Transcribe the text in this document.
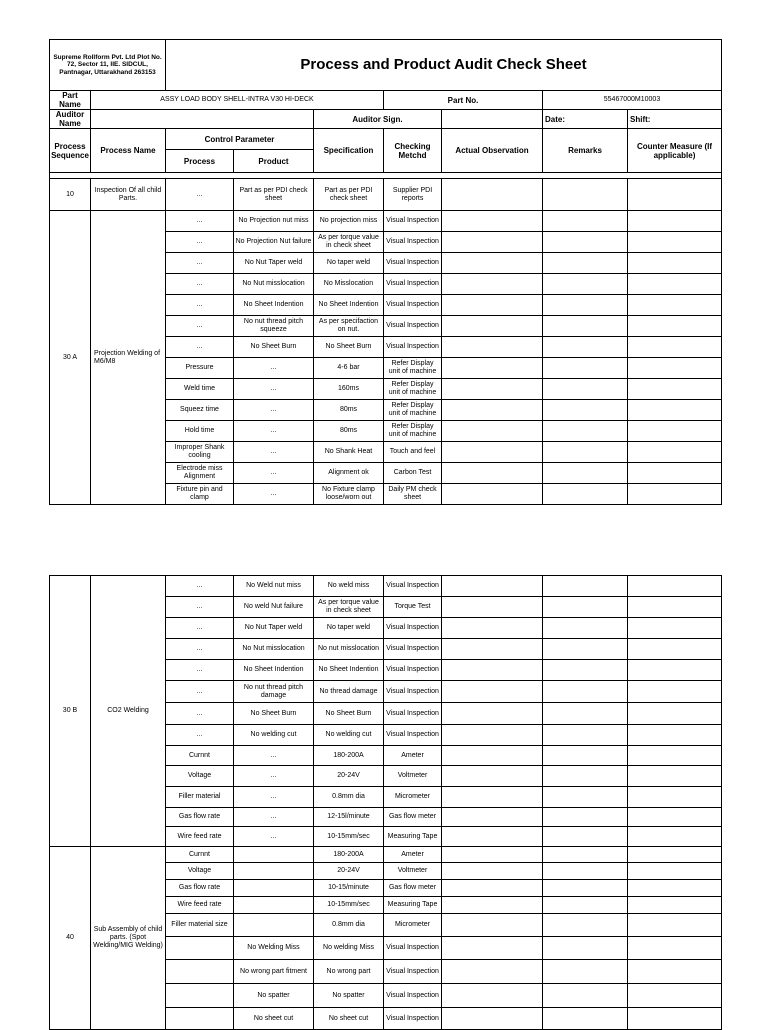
Supreme Rollform Pvt. Ltd Plot No. 72, Sector 11, IIE. SIDCUL, Pantnagar, Uttarakhand 263153		Process and Product Audit Check Sheet						
Part Name	ASSY LOAD BODY SHELL-INTRA V30 HI-DECK				Part No.		55467000M10003	
Auditor Name				Auditor Sign.			Date:	Shift:
Process Sequence	Process Name	Control Parameter		Specification	Checking Metchd	Actual Observation	Remarks	Counter Measure (If applicable)
		Process	Product					

10	Inspection Of all child Parts.	...	Part as per PDI check sheet	Part as per PDI check sheet	Supplier PDI reports			
30 A	Projection Welding of M6/M8	...	No Projection nut miss	No projection miss	Visual Inspection			
		...	No Projection Nut failure	As per torque value in check sheet	Visual Inspection			
		...	No Nut Taper weld	No taper weld	Visual Inspection			
		...	No Nut misslocation	No Misslocation	Visual Inspection			
		...	No Sheet Indention	No Sheet Indention	Visual Inspection			
		...	No nut thread pitch squeeze	As per specifaction on nut.	Visual Inspection			
		...	No Sheet Burn	No Sheet Burn	Visual Inspection			
		Pressure	...	4-6 bar	Refer Display unit of machine			
		Weld time	...	160ms	Refer Display unit of machine			
		Squeez time	...	80ms	Refer Display unit of machine			
		Hold time	...	80ms	Refer Display unit of machine			
		Improper Shank cooling	...	No Shank Heat	Touch and feel			
		Electrode miss Alignment	...	Alignment ok	Carbon Test			
		Fixture pin and clamp	...	No Fixture clamp loose/worn out	Daily PM check sheet			
30 B	CO2 Welding	...	No Weld nut miss	No weld miss	Visual Inspection			
		...	No weld Nut failure	As per torque value in check sheet	Torque Test			
		...	No Nut Taper weld	No taper weld	Visual Inspection			
		...	No Nut misslocation	No nut misslocation	Visual Inspection			
		...	No Sheet Indention	No Sheet Indention	Visual Inspection			
		...	No nut thread pitch damage	No thread damage	Visual Inspection			
		...	No Sheet Burn	No Sheet Burn	Visual Inspection			
		...	No welding cut	No welding cut	Visual Inspection			
		Curnnt	...	180-200A	Ameter			
		Voltage	...	20-24V	Voltmeter			
		Filler material	...	0.8mm dia	Micrometer			
		Gas flow rate	...	12-15l/minute	Gas flow meter			
		Wire feed rate	...	10-15mm/sec	Measuring Tape			
40	Sub Assembly of child parts. (Spot Welding/MIG Welding)	Curnnt		180-200A	Ameter			
		Voltage		20-24V	Voltmeter			
		Gas flow rate		10-15/minute	Gas flow meter			
		Wire feed rate		10-15mm/sec	Measuring Tape			
		Filler material size		0.8mm dia	Micrometer			
			No Welding Miss	No welding Miss	Visual Inspection			
			No wrong part fitment	No wrong part	Visual Inspection			
			No spatter	No spatter	Visual Inspection			
			No sheet cut	No sheet cut	Visual Inspection			
